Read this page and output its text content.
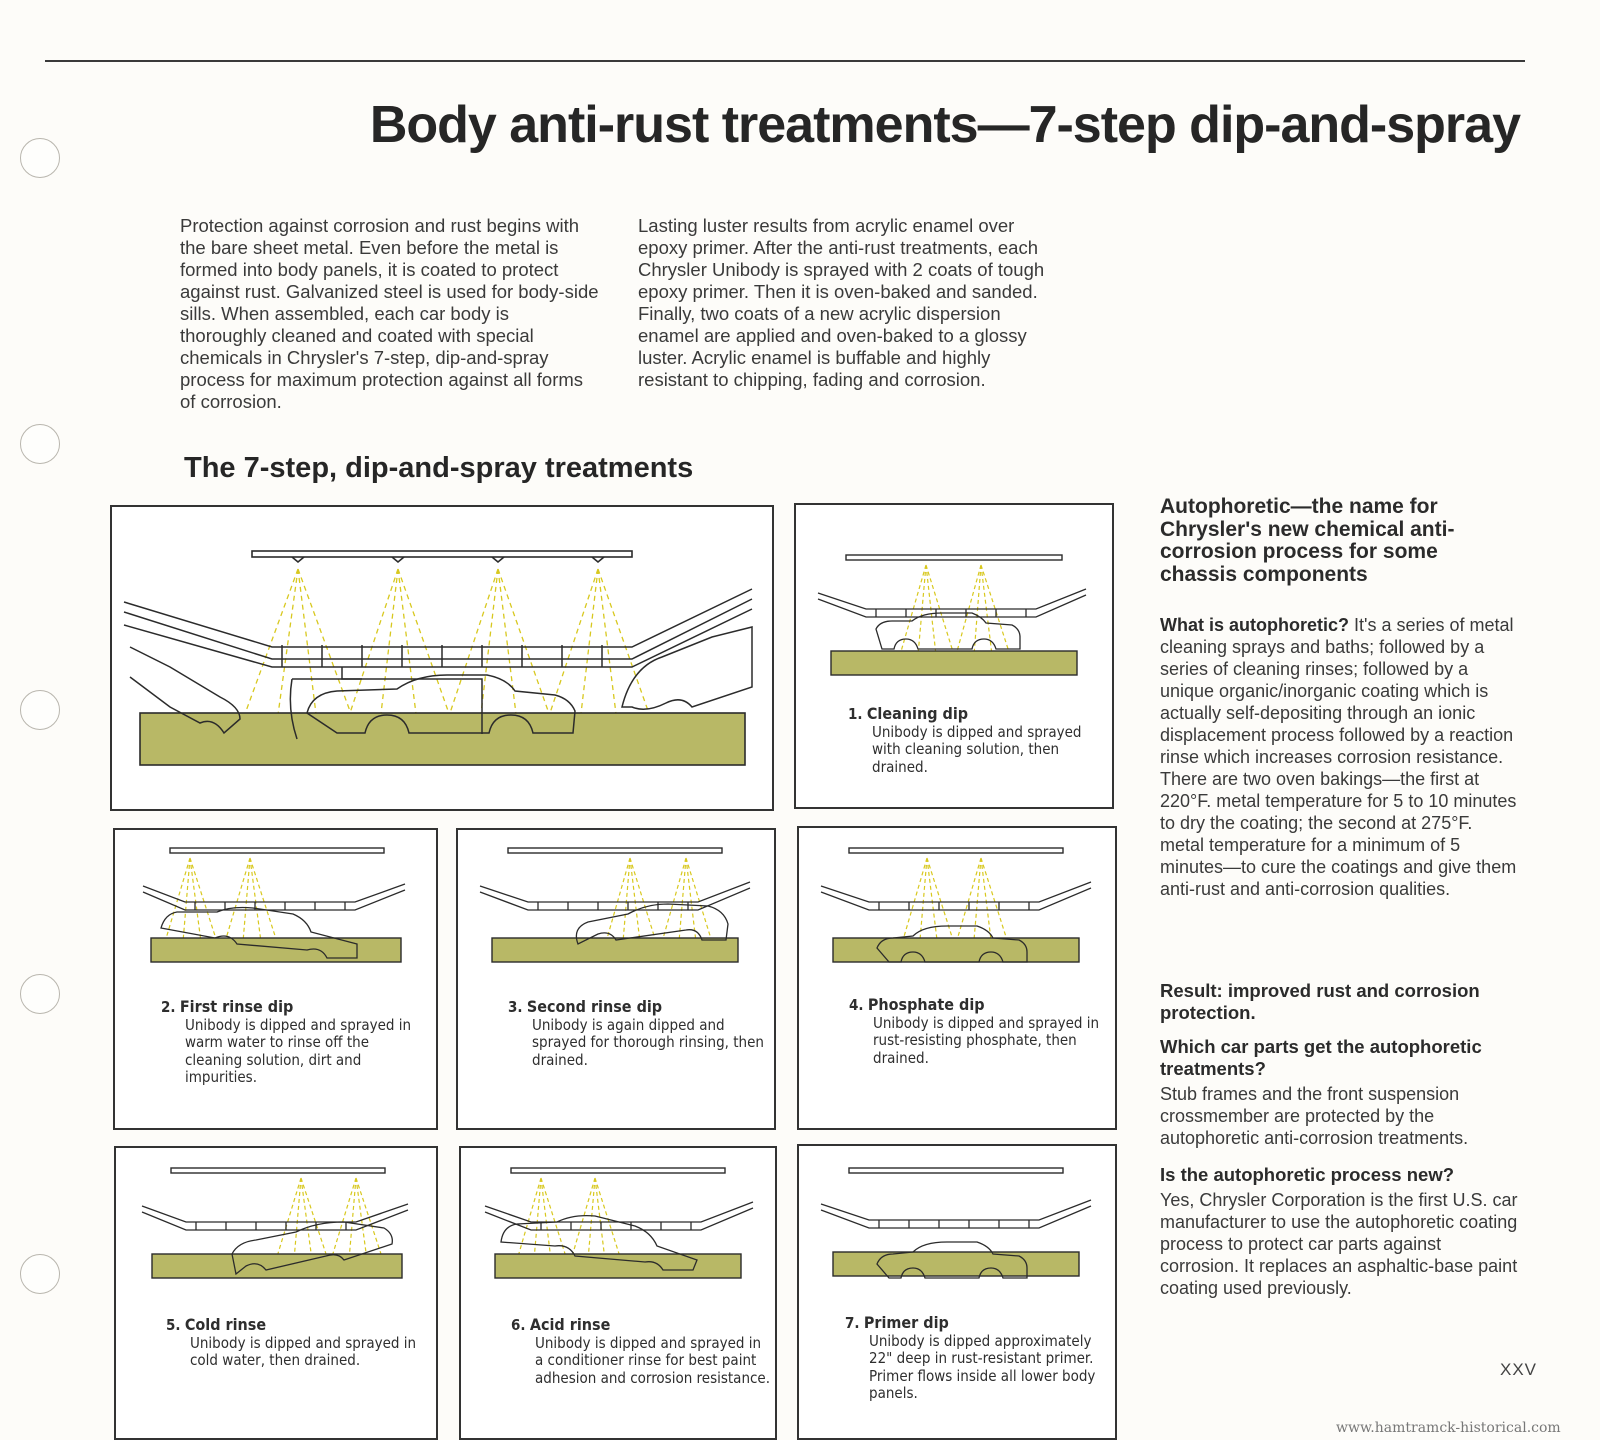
Body anti-rust treatments—7-step dip-and-spray
Protection against corrosion and rust begins with the bare sheet metal. Even before the metal is formed into body panels, it is coated to protect against rust. Galvanized steel is used for body-side sills. When assembled, each car body is thoroughly cleaned and coated with special chemicals in Chrysler's 7-step, dip-and-spray process for maximum protection against all forms of corrosion.
Lasting luster results from acrylic enamel over epoxy primer. After the anti-rust treatments, each Chrysler Unibody is sprayed with 2 coats of tough epoxy primer. Then it is oven-baked and sanded. Finally, two coats of a new acrylic dispersion enamel are applied and oven-baked to a glossy luster. Acrylic enamel is buffable and highly resistant to chipping, fading and corrosion.
The 7-step, dip-and-spray treatments
1. Cleaning dip
Unibody is dipped and sprayed with cleaning solution, then drained.
2. First rinse dip
Unibody is dipped and sprayed in warm water to rinse off the cleaning solution, dirt and impurities.
3. Second rinse dip
Unibody is again dipped and sprayed for thorough rinsing, then drained.
4. Phosphate dip
Unibody is dipped and sprayed in rust-resisting phosphate, then drained.
5. Cold rinse
Unibody is dipped and sprayed in cold water, then drained.
6. Acid rinse
Unibody is dipped and sprayed in a conditioner rinse for best paint adhesion and corrosion resistance.
7. Primer dip
Unibody is dipped approximately 22" deep in rust-resistant primer. Primer flows inside all lower body panels.
Autophoretic—the name for Chrysler's new chemical anti-corrosion process for some chassis components
What is autophoretic? It's a series of metal cleaning sprays and baths; followed by a series of cleaning rinses; followed by a unique organic/inorganic coating which is actually self-depositing through an ionic displacement process followed by a reaction rinse which increases corrosion resistance. There are two oven bakings—the first at 220°F. metal temperature for 5 to 10 minutes to dry the coating; the second at 275°F. metal temperature for a minimum of 5 minutes—to cure the coatings and give them anti-rust and anti-corrosion qualities.
Result: improved rust and corrosion protection.
Which car parts get the autophoretic treatments?
Stub frames and the front suspension crossmember are protected by the autophoretic anti-corrosion treatments.
Is the autophoretic process new?
Yes, Chrysler Corporation is the first U.S. car manufacturer to use the autophoretic coating process to protect car parts against corrosion. It replaces an asphaltic-base paint coating used previously.
XXV
www.hamtramck-historical.com
